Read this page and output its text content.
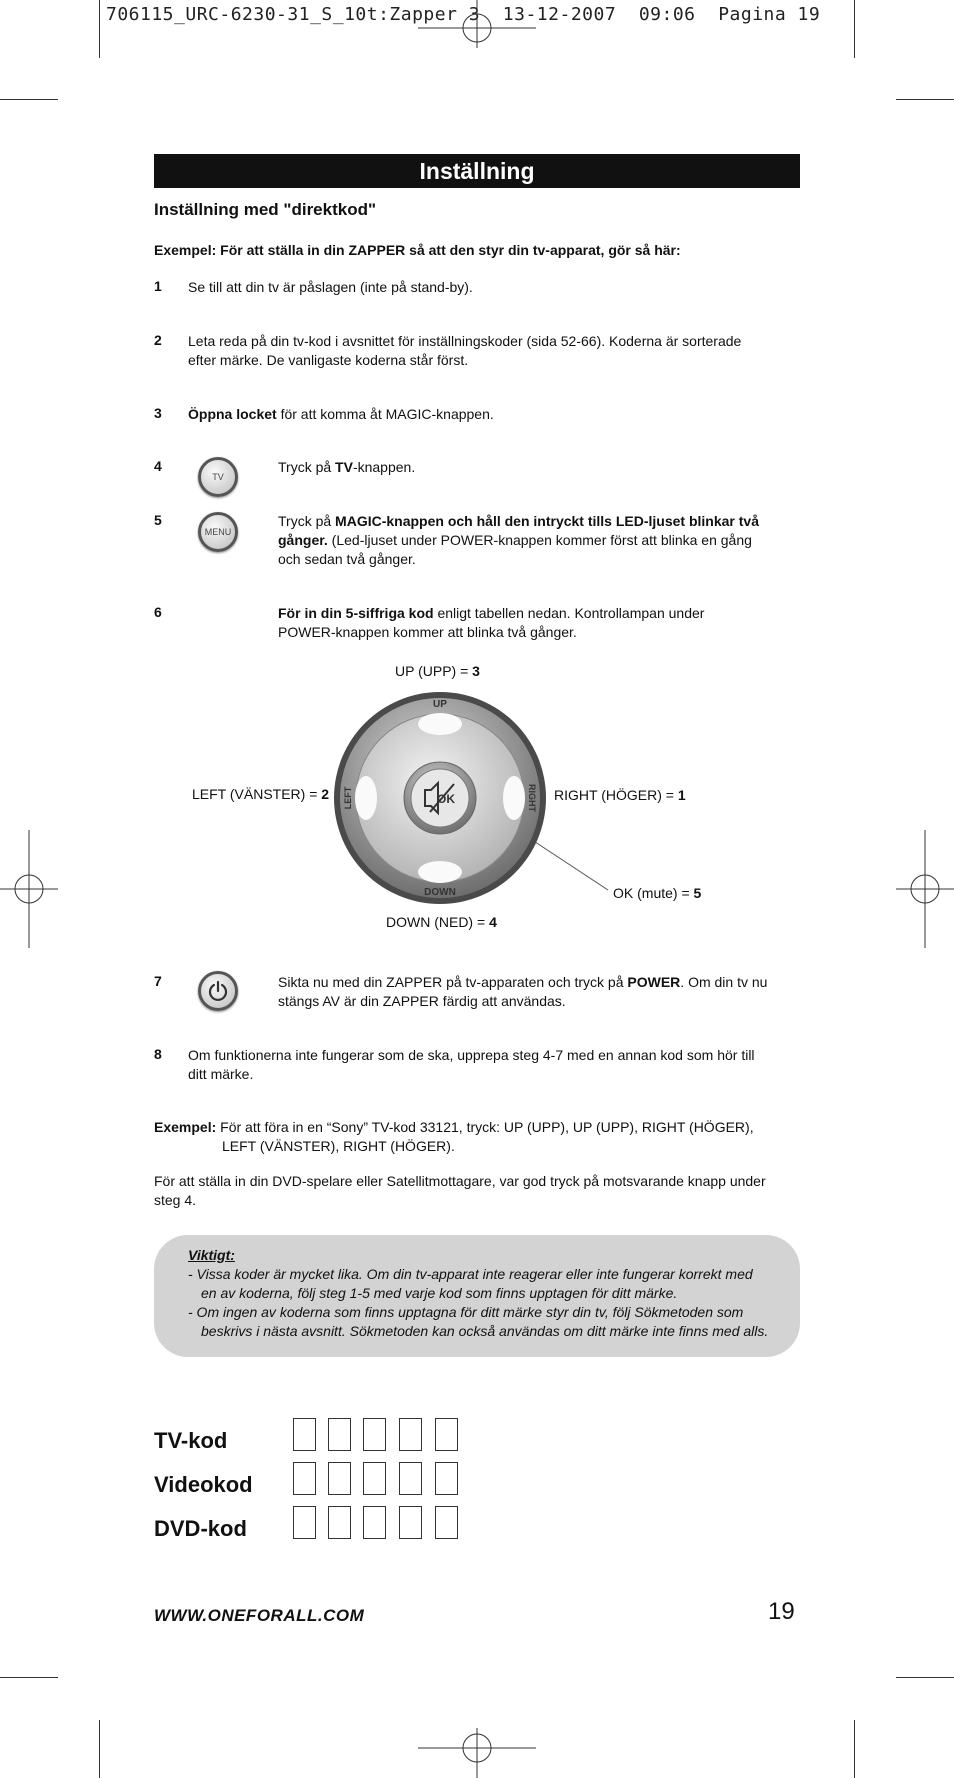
706115_URC-6230-31_S_10t:Zapper 3  13-12-2007  09:06  Pagina 19
Inställning
Inställning med "direktkod"
Exempel: För att ställa in din ZAPPER så att den styr din tv-apparat, gör så här:
1 Se till att din tv är påslagen (inte på stand-by).
2 Leta reda på din tv-kod i avsnittet för inställningskoder (sida 52-66). Koderna är sorterade
efter märke. De vanligaste koderna står först.
3 Öppna locket för att komma åt MAGIC-knappen.
4
TV
Tryck på TV-knappen.
5
MENU
Tryck på MAGIC-knappen och håll den intryckt tills LED-ljuset blinkar två
gånger. (Led-ljuset under POWER-knappen kommer först att blinka en gång
och sedan två gånger.
6	För in din 5-siffriga kod enligt tabellen nedan. Kontrollampan under
POWER-knappen kommer att blinka två gånger.
UP (UPP) = 3
LEFT (VÄNSTER) = 2	RIGHT (HÖGER) = 1
OK (mute) = 5
DOWN (NED) = 4
UP
DOWN
LEFT	RIGHT
OK
7	Sikta nu med din ZAPPER på tv-apparaten och tryck på POWER. Om din tv nu
stängs AV är din ZAPPER färdig att användas.
8 Om funktionerna inte fungerar som de ska, upprepa steg 4-7 med en annan kod som hör till
ditt märke.
Exempel: För att föra in en “Sony” TV-kod 33121, tryck: UP (UPP), UP (UPP), RIGHT (HÖGER),
LEFT (VÄNSTER), RIGHT (HÖGER).
För att ställa in din DVD-spelare eller Satellitmottagare, var god tryck på motsvarande knapp under
steg 4.
Viktigt:
- Vissa koder är mycket lika. Om din tv-apparat inte reagerar eller inte fungerar korrekt med
en av koderna, följ steg 1-5 med varje kod som finns upptagen för ditt märke.
- Om ingen av koderna som finns upptagna för ditt märke styr din tv, följ Sökmetoden som
beskrivs i nästa avsnitt. Sökmetoden kan också användas om ditt märke inte finns med alls.
TV-kod
Videokod
DVD-kod
WWW.ONEFORALL.COM	19
